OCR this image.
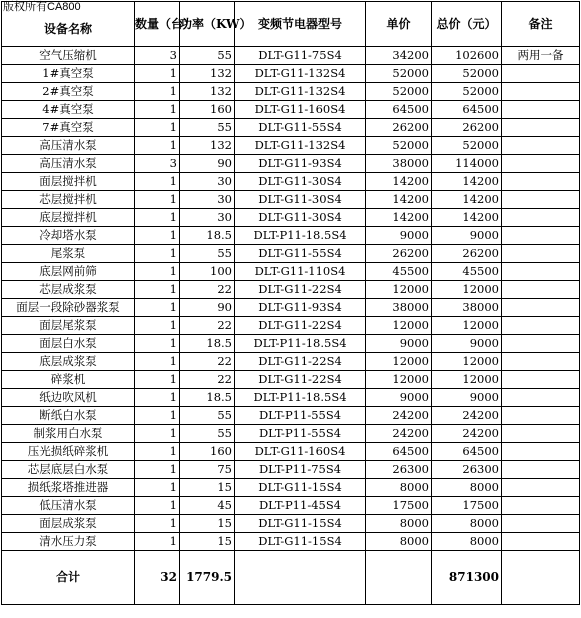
版权所有CA800
设备名称	数量（台）	功率（KW）	变频节电器型号	单价	总价（元）	备注
空气压缩机	3	55	DLT-G11-75S4	34200	102600	两用一备
1#真空泵	1	132	DLT-G11-132S4	52000	52000	
2#真空泵	1	132	DLT-G11-132S4	52000	52000	
4#真空泵	1	160	DLT-G11-160S4	64500	64500	
7#真空泵	1	55	DLT-G11-55S4	26200	26200	
高压清水泵	1	132	DLT-G11-132S4	52000	52000	
高压清水泵	3	90	DLT-G11-93S4	38000	114000	
面层搅拌机	1	30	DLT-G11-30S4	14200	14200	
芯层搅拌机	1	30	DLT-G11-30S4	14200	14200	
底层搅拌机	1	30	DLT-G11-30S4	14200	14200	
冷却塔水泵	1	18.5	DLT-P11-18.5S4	9000	9000	
尾浆泵	1	55	DLT-G11-55S4	26200	26200	
底层网前筛	1	100	DLT-G11-110S4	45500	45500	
芯层成浆泵	1	22	DLT-G11-22S4	12000	12000	
面层一段除砂器浆泵	1	90	DLT-G11-93S4	38000	38000	
面层尾浆泵	1	22	DLT-G11-22S4	12000	12000	
面层白水泵	1	18.5	DLT-P11-18.5S4	9000	9000	
底层成浆泵	1	22	DLT-G11-22S4	12000	12000	
碎浆机	1	22	DLT-G11-22S4	12000	12000	
纸边吹风机	1	18.5	DLT-P11-18.5S4	9000	9000	
断纸白水泵	1	55	DLT-P11-55S4	24200	24200	
制浆用白水泵	1	55	DLT-P11-55S4	24200	24200	
压光损纸碎浆机	1	160	DLT-G11-160S4	64500	64500	
芯层底层白水泵	1	75	DLT-P11-75S4	26300	26300	
损纸浆塔推进器	1	15	DLT-G11-15S4	8000	8000	
低压清水泵	1	45	DLT-P11-45S4	17500	17500	
面层成浆泵	1	15	DLT-G11-15S4	8000	8000	
清水压力泵	1	15	DLT-G11-15S4	8000	8000	
合计	32	1779.5			871300	
